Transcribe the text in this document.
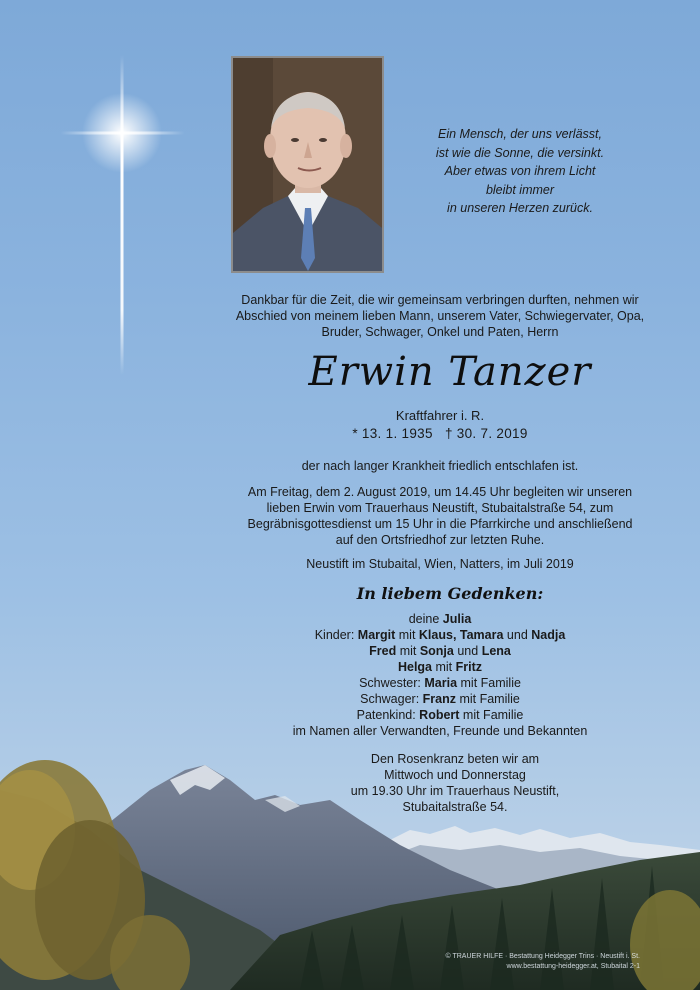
Ein Mensch, der uns verlässt,
ist wie die Sonne, die versinkt.
Aber etwas von ihrem Licht
bleibt immer
in unseren Herzen zurück.
Dankbar für die Zeit, die wir gemeinsam verbringen durften, nehmen wir
Abschied von meinem lieben Mann, unserem Vater, Schwiegervater, Opa,
Bruder, Schwager, Onkel und Paten, Herrn
Erwin Tanzer
Kraftfahrer i. R.
* 13. 1. 1935   † 30. 7. 2019
der nach langer Krankheit friedlich entschlafen ist.
Am Freitag, dem 2. August 2019, um 14.45 Uhr begleiten wir unseren
lieben Erwin vom Trauerhaus Neustift, Stubaitalstraße 54, zum
Begräbnisgottesdienst um 15 Uhr in die Pfarrkirche und anschließend
auf den Ortsfriedhof zur letzten Ruhe.
Neustift im Stubaital, Wien, Natters, im Juli 2019
In liebem Gedenken:
deine Julia
Kinder: Margit mit Klaus, Tamara und Nadja
Fred mit Sonja und Lena
Helga mit Fritz
Schwester: Maria mit Familie
Schwager: Franz mit Familie
Patenkind: Robert mit Familie
im Namen aller Verwandten, Freunde und Bekannten
Den Rosenkranz beten wir am
Mittwoch und Donnerstag
um 19.30 Uhr im Trauerhaus Neustift,
Stubaitalstraße 54.
© TRAUER HILFE · Bestattung Heidegger Trins · Neustift i. St.
www.bestattung-heidegger.at, Stubaital 2-1
